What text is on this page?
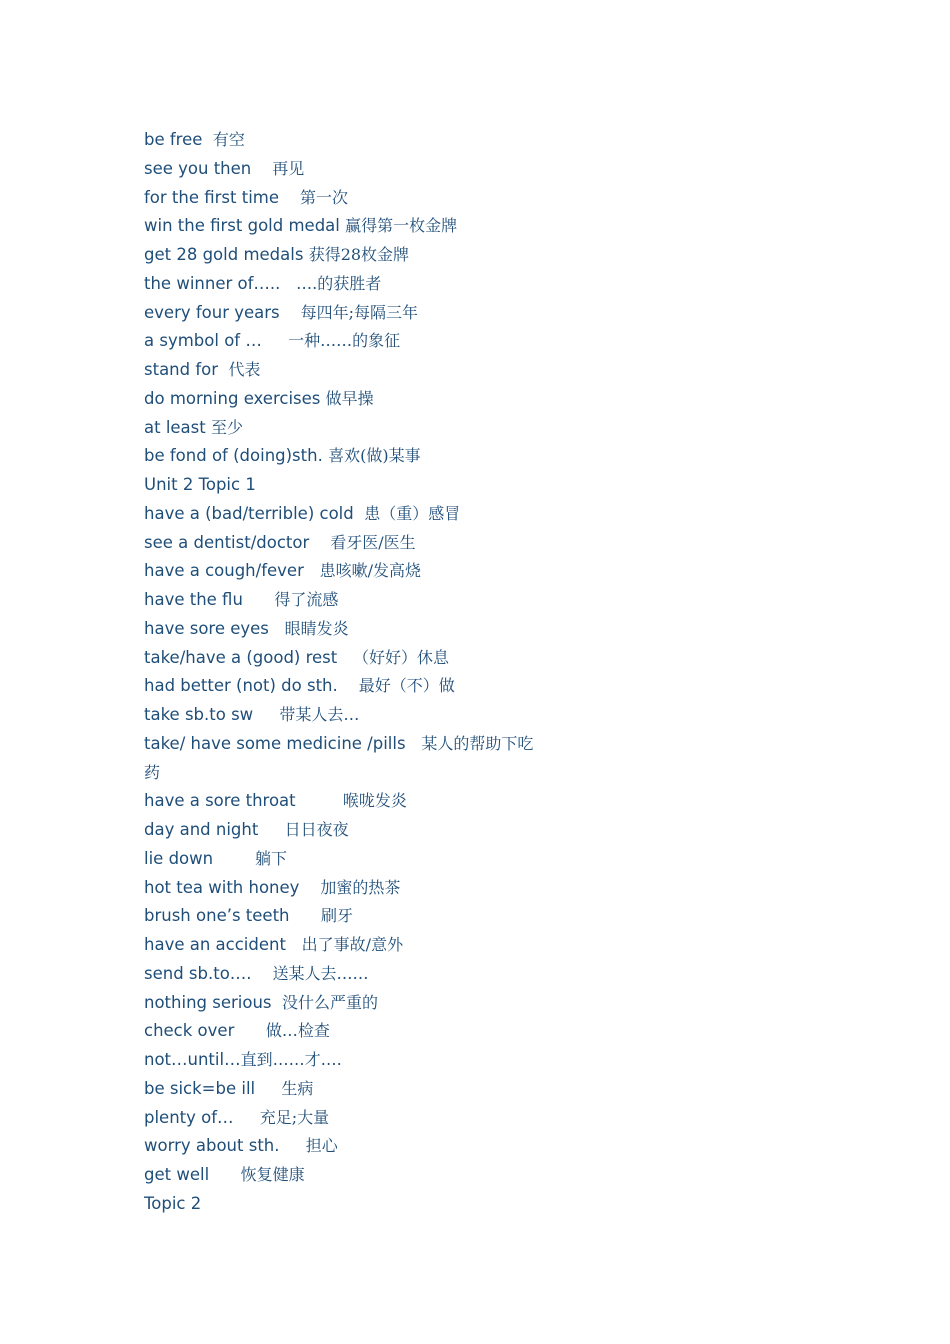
be free  有空
see you then    再见
for the first time    第一次
win the first gold medal 赢得第一枚金牌
get 28 gold medals 获得28枚金牌
the winner of…..   ….的获胜者
every four years    每四年;每隔三年
a symbol of …     一种……的象征
stand for  代表
do morning exercises 做早操
at least 至少
be fond of (doing)sth. 喜欢(做)某事
Unit 2 Topic 1
have a (bad/terrible) cold  患（重）感冒
see a dentist/doctor    看牙医/医生
have a cough/fever   患咳嗽/发高烧
have the flu      得了流感
have sore eyes   眼睛发炎
take/have a (good) rest   （好好）休息
had better (not) do sth.    最好（不）做
take sb.to sw     带某人去…
take/ have some medicine /pills   某人的帮助下吃药
have a sore throat         喉咙发炎
day and night     日日夜夜
lie down        躺下
hot tea with honey    加蜜的热茶
brush one’s teeth      刷牙
have an accident   出了事故/意外
send sb.to….    送某人去……
nothing serious  没什么严重的
check over      做…检查
not…until…直到……才….
be sick=be ill     生病
plenty of…     充足;大量
worry about sth.     担心
get well      恢复健康
Topic 2
